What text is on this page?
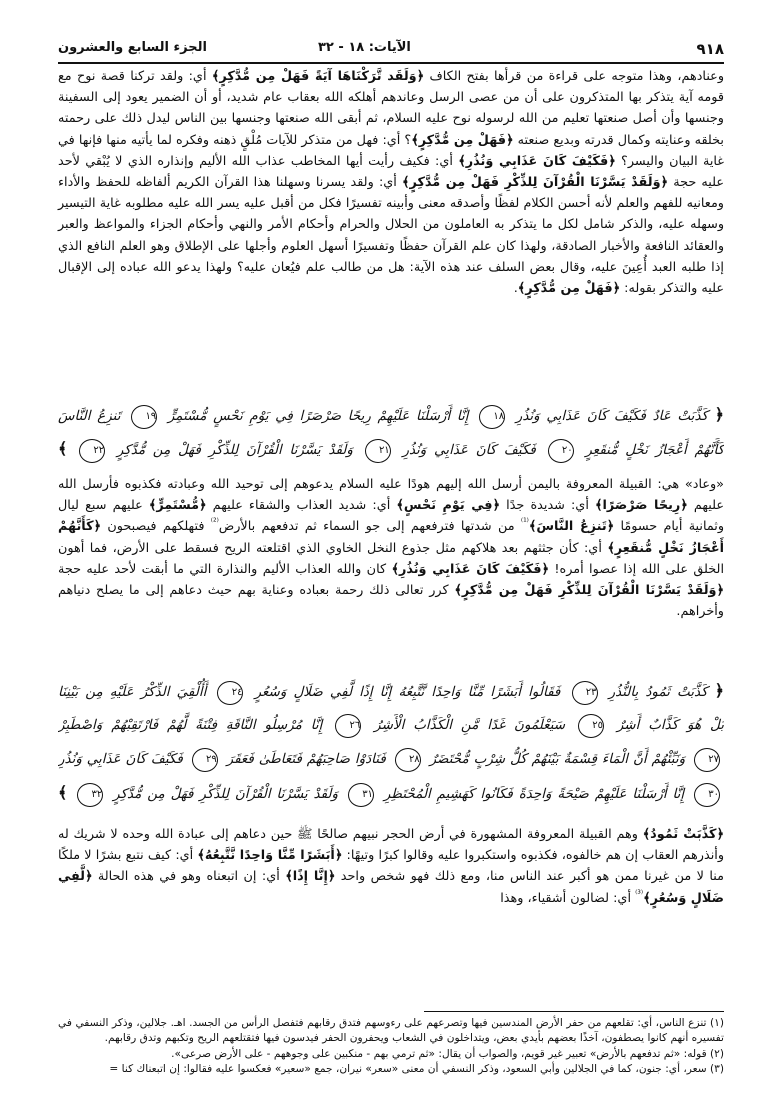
٩١٨
الآيات: ١٨ - ٣٢
الجزء السابع والعشرون

وعنادهم، وهذا متوجه على قراءة من قرأها بفتح الكاف ﴿وَلَقَد تَّرَكْنَاهَا آيَةً فَهَلْ مِن مُّدَّكِرٍ﴾ أي: ولقد تركنا قصة نوح مع قومه آية يتذكر بها المتذكرون على أن من عصى الرسل وعاندهم أهلكه الله بعقاب عام شديد، أو أن الضمير يعود إلى السفينة وجنسها وأن أصل صنعتها تعليم من الله لرسوله نوح عليه السلام، ثم أبقى الله صنعتها وجنسها بين الناس ليدل ذلك على رحمته بخلقه وعنايته وكمال قدرته وبديع صنعته ﴿فَهَلْ مِن مُّدَّكِرٍ﴾؟ أي: فهل من متذكر للآيات مُلْقٍ ذهنه وفكره لما يأتيه منها فإنها في غاية البيان واليسر؟ ﴿فَكَيْفَ كَانَ عَذَابِي وَنُذُرِ﴾ أي: فكيف رأيت أيها المخاطب عذاب الله الأليم وإنذاره الذي لا يُبْقي لأحد عليه حجة ﴿وَلَقَدْ يَسَّرْنَا الْقُرْآنَ لِلذِّكْرِ فَهَلْ مِن مُّدَّكِرٍ﴾ أي: ولقد يسرنا وسهلنا هذا القرآن الكريم ألفاظه للحفظ والأداء ومعانيه للفهم والعلم لأنه أحسن الكلام لفظًا وأصدقه معنى وأبينه تفسيرًا فكل من أقبل عليه يسر الله عليه مطلوبه غاية التيسير وسهله عليه، والذكر شامل لكل ما يتذكر به العاملون من الحلال والحرام وأحكام الأمر والنهي وأحكام الجزاء والمواعظ والعبر والعقائد النافعة والأخبار الصادقة، ولهذا كان علم القرآن حفظًا وتفسيرًا أسهل العلوم وأجلها على الإطلاق وهو العلم النافع الذي إذا طلبه العبد أُعِينَ عليه، وقال بعض السلف عند هذه الآية: هل من طالب علم فيُعان عليه؟ ولهذا يدعو الله عباده إلى الإقبال عليه والتذكر بقوله: ﴿فَهَلْ مِن مُّدَّكِرٍ﴾.

﴿ كَذَّبَتْ عَادٌ فَكَيْفَ كَانَ عَذَابِي وَنُذُرِ ١٨ إِنَّا أَرْسَلْنَا عَلَيْهِمْ رِيحًا صَرْصَرًا فِي يَوْمِ نَحْسٍ مُّسْتَمِرٍّ ١٩ تَنزِعُ النَّاسَ
كَأَنَّهُمْ أَعْجَازُ نَخْلٍ مُّنقَعِرٍ ٢٠ فَكَيْفَ كَانَ عَذَابِي وَنُذُرِ ٢١ وَلَقَدْ يَسَّرْنَا الْقُرْآنَ لِلذِّكْرِ فَهَلْ مِن مُّدَّكِرٍ ٢٢ ﴾

«وعاد» هي: القبيلة المعروفة باليمن أرسل الله إليهم هودًا عليه السلام يدعوهم إلى توحيد الله وعبادته فكذبوه فأرسل الله عليهم ﴿رِيحًا صَرْصَرًا﴾ أي: شديدة جدًا ﴿فِي يَوْمِ نَحْسٍ﴾ أي: شديد العذاب والشقاء عليهم ﴿مُّسْتَمِرٍّ﴾ عليهم سبع ليال وثمانية أيام حسومًا ﴿تَنزِعُ النَّاسَ﴾$^{^{(1)}}$ من شدتها فترفعهم إلى جو السماء ثم تدفعهم بالأرض$^{^{(2)}}$ فتهلكهم فيصبحون ﴿كَأَنَّهُمْ أَعْجَازُ نَخْلٍ مُّنقَعِرٍ﴾ أي: كأن جثثهم بعد هلاكهم مثل جذوع النخل الخاوي الذي اقتلعته الريح فسقط على الأرض، فما أهون الخلق على الله إذا عصوا أمره! ﴿فَكَيْفَ كَانَ عَذَابِي وَنُذُرِ﴾ كان والله العذاب الأليم والنذارة التي ما أبقت لأحد عليه حجة ﴿وَلَقَدْ يَسَّرْنَا الْقُرْآنَ لِلذِّكْرِ فَهَلْ مِن مُّدَّكِرٍ﴾ كرر تعالى ذلك رحمة بعباده وعناية بهم حيث دعاهم إلى ما يصلح دنياهم وأخراهم.

﴿ كَذَّبَتْ ثَمُودُ بِالنُّذُرِ ٢٣ فَقَالُوا أَبَشَرًا مِّنَّا وَاحِدًا نَّتَّبِعُهُ إِنَّا إِذًا لَّفِي ضَلَالٍ وَسُعُرٍ ٢٤ أَأُلْقِيَ الذِّكْرُ عَلَيْهِ مِن بَيْنِنَا
بَلْ هُوَ كَذَّابٌ أَشِرٌ ٢٥ سَيَعْلَمُونَ غَدًا مَّنِ الْكَذَّابُ الْأَشِرُ ٢٦ إِنَّا مُرْسِلُو النَّاقَةِ فِتْنَةً لَّهُمْ فَارْتَقِبْهُمْ وَاصْطَبِرْ
٢٧ وَنَبِّئْهُمْ أَنَّ الْمَاءَ قِسْمَةٌ بَيْنَهُمْ كُلُّ شِرْبٍ مُّحْتَضَرٌ ٢٨ فَنَادَوْا صَاحِبَهُمْ فَتَعَاطَىٰ فَعَقَرَ ٢٩ فَكَيْفَ كَانَ عَذَابِي وَنُذُرِ
٣٠ إِنَّا أَرْسَلْنَا عَلَيْهِمْ صَيْحَةً وَاحِدَةً فَكَانُوا كَهَشِيمِ الْمُحْتَظِرِ ٣١ وَلَقَدْ يَسَّرْنَا الْقُرْآنَ لِلذِّكْرِ فَهَلْ مِن مُّدَّكِرٍ ٣٢ ﴾

﴿كَذَّبَتْ ثَمُودُ﴾ وهم القبيلة المعروفة المشهورة في أرض الحجر نبيهم صالحًا ﷺ حين دعاهم إلى عبادة الله وحده لا شريك له وأنذرهم العقاب إن هم خالفوه، فكذبوه واستكبروا عليه وقالوا كبرًا وتيهًا: ﴿أَبَشَرًا مِّنَّا وَاحِدًا نَّتَّبِعُهُ﴾ أي: كيف نتبع بشرًا لا ملكًا منا لا من غيرنا ممن هو أكبر عند الناس منا، ومع ذلك فهو شخص واحد ﴿إِنَّا إِذًا﴾ أي: إن اتبعناه وهو في هذه الحالة ﴿لَّفِي ضَلَالٍ وَسُعُرٍ﴾$^{^{(3)}}$ أي: لضالون أشقياء، وهذا

(١) تنزع الناس، أي: تقلعهم من حفر الأرض المندسين فيها وتصرعهم على رءوسهم فتدق رقابهم فتفصل الرأس من الجسد. اهـ. جلالين، وذكر النسفي في تفسيره أنهم كانوا يصطفون، آخذًا بعضهم بأيدي بعض، ويتداخلون في الشعاب ويحفرون الحفر فيدسون فيها فتقتلعهم الريح وتكبهم وتدق رقابهم.

(٢) قوله: «ثم تدفعهم بالأرض» تعبير غير قويم، والصواب أن يقال: «ثم ترمي بهم - منكبين على وجوههم - على الأرض صرعى».

(٣) سعر، أي: جنون، كما في الجلالين وأبي السعود، وذكر النسفي أن معنى «سعر» نيران، جمع «سعير» فعكسوا عليه فقالوا: إن اتبعناك كنا =
